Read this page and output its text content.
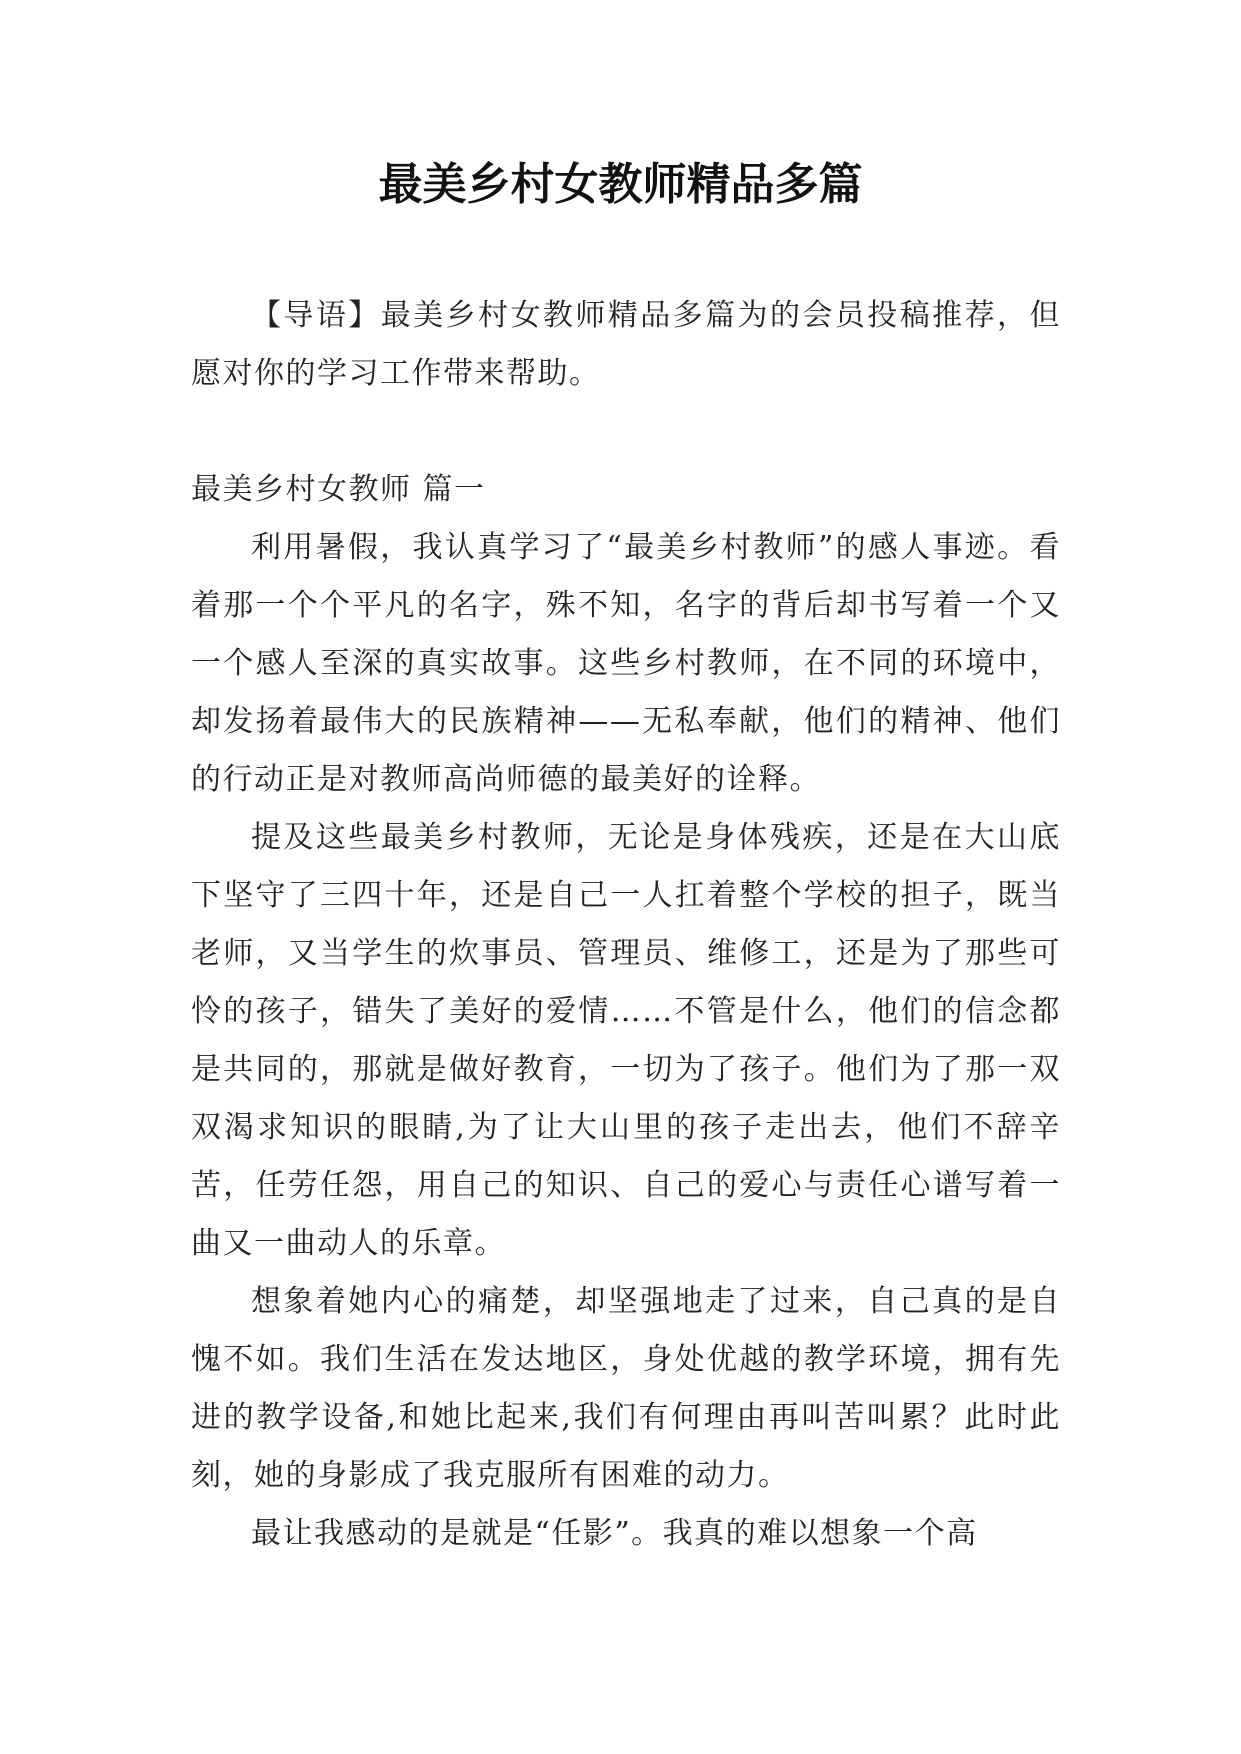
最美乡村女教师精品多篇

【导语】最美乡村女教师精品多篇为的会员投稿推荐，但愿对你的学习工作带来帮助。

最美乡村女教师 篇一

利用暑假，我认真学习了“最美乡村教师”的感人事迹。看着那一个个平凡的名字，殊不知，名字的背后却书写着一个又一个感人至深的真实故事。这些乡村教师，在不同的环境中，却发扬着最伟大的民族精神——无私奉献，他们的精神、他们的行动正是对教师高尚师德的最美好的诠释。

提及这些最美乡村教师，无论是身体残疾，还是在大山底下坚守了三四十年，还是自己一人扛着整个学校的担子，既当老师，又当学生的炊事员、管理员、维修工，还是为了那些可怜的孩子，错失了美好的爱情……不管是什么，他们的信念都是共同的，那就是做好教育，一切为了孩子。他们为了那一双双渴求知识的眼睛,为了让大山里的孩子走出去，他们不辞辛苦，任劳任怨，用自己的知识、自己的爱心与责任心谱写着一曲又一曲动人的乐章。

想象着她内心的痛楚，却坚强地走了过来，自己真的是自愧不如。我们生活在发达地区，身处优越的教学环境，拥有先进的教学设备,和她比起来,我们有何理由再叫苦叫累？此时此刻，她的身影成了我克服所有困难的动力。

最让我感动的是就是“任影”。我真的难以想象一个高
